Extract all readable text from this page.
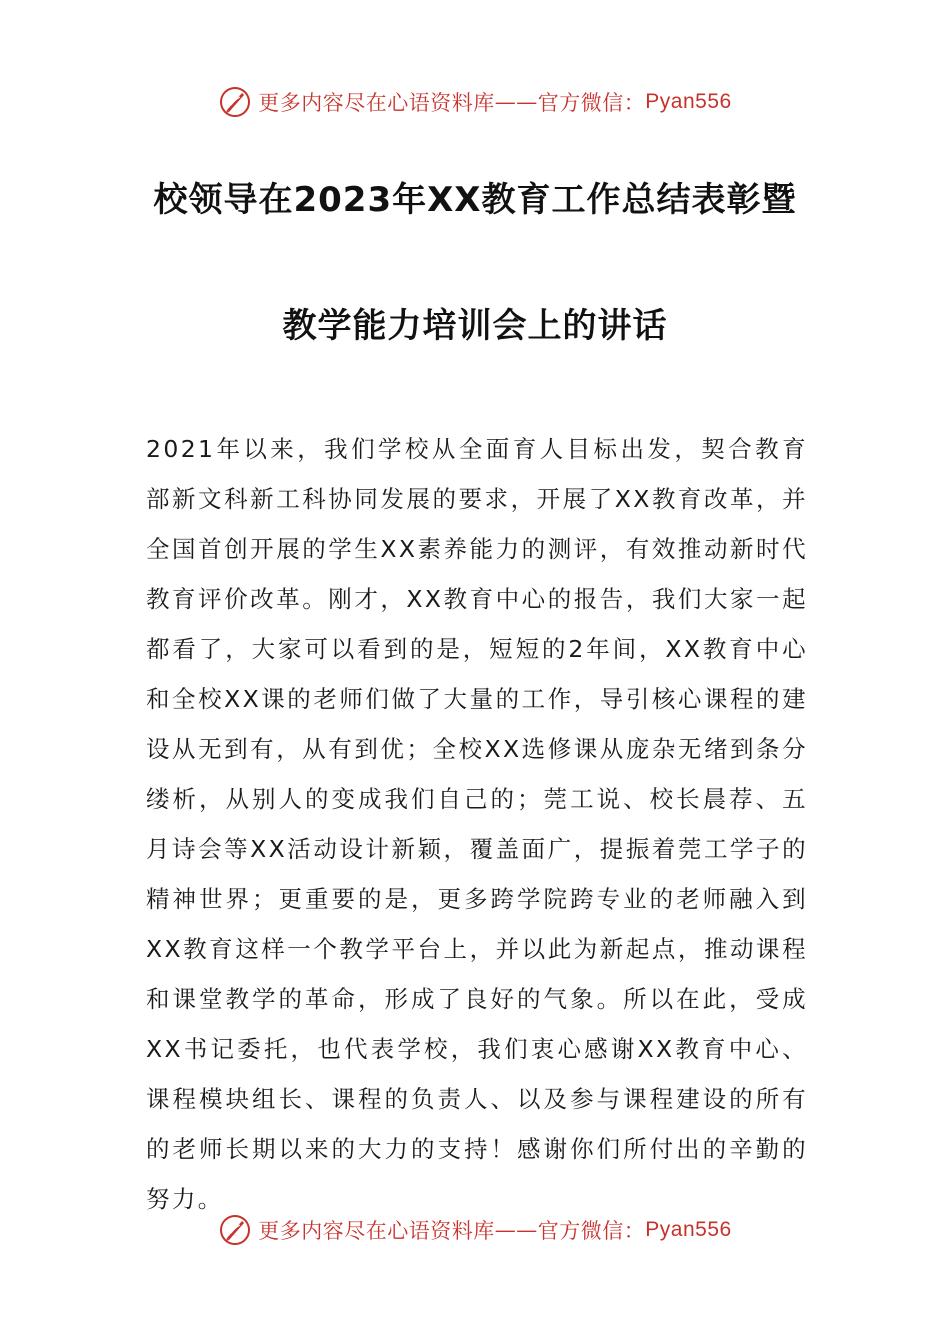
更多内容尽在心语资料库 —— 官方微信： Pyan556
校领导在2023年XX教育工作总结表彰暨
教学能力培训会上的讲话

2021年以来，我们学校从全面育人目标出发，契合教育部新文科新工科协同发展的要求，开展了XX教育改革，并全国首创开展的学生XX素养能力的测评，有效推动新时代教育评价改革。刚才，XX教育中心的报告，我们大家一起都看了，大家可以看到的是，短短的2年间，XX教育中心和全校XX课的老师们做了大量的工作，导引核心课程的建设从无到有，从有到优；全校XX选修课从庞杂无绪到条分缕析，从别人的变成我们自己的；莞工说、校长晨荐、五月诗会等XX活动设计新颖，覆盖面广，提振着莞工学子的精神世界；更重要的是，更多跨学院跨专业的老师融入到XX教育这样一个教学平台上，并以此为新起点，推动课程和课堂教学的革命，形成了良好的气象。所以在此，受成XX书记委托，也代表学校，我们衷心感谢XX教育中心、课程模块组长、课程的负责人、以及参与课程建设的所有的老师长期以来的大力的支持！感谢你们所付出的辛勤的努力。

更多内容尽在心语资料库 —— 官方微信： Pyan556
